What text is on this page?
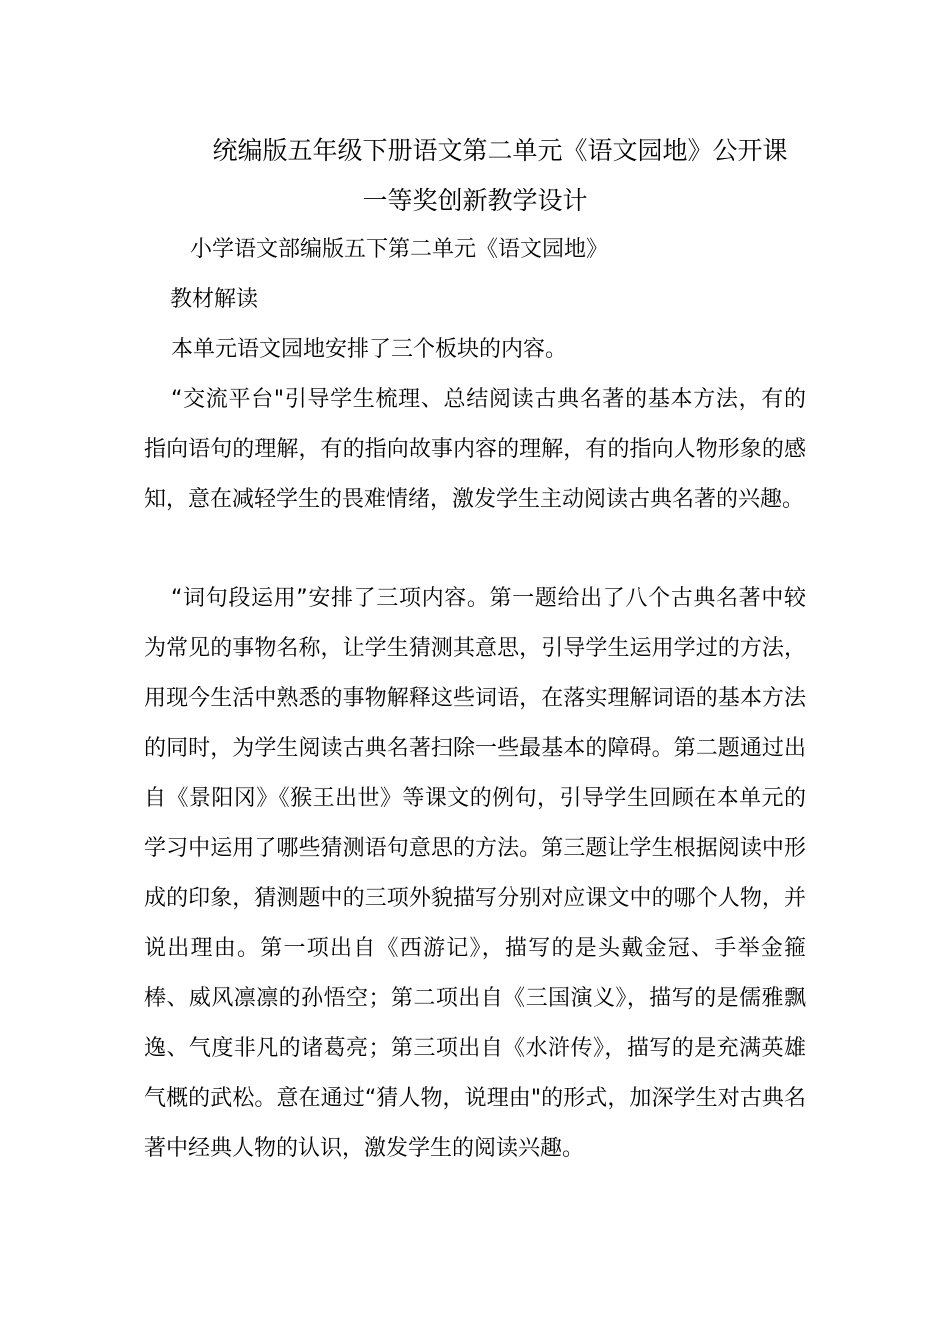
统编版五年级下册语文第二单元《语文园地》公开课
一等奖创新教学设计
小学语文部编版五下第二单元《语文园地》
教材解读

本单元语文园地安排了三个板块的内容。

“交流平台"引导学生梳理、总结阅读古典名著的基本方法，有的指向语句的理解，有的指向故事内容的理解，有的指向人物形象的感知，意在减轻学生的畏难情绪，激发学生主动阅读古典名著的兴趣。

“词句段运用”安排了三项内容。第一题给出了八个古典名著中较为常见的事物名称，让学生猜测其意思，引导学生运用学过的方法，用现今生活中熟悉的事物解释这些词语，在落实理解词语的基本方法的同时，为学生阅读古典名著扫除一些最基本的障碍。第二题通过出自《景阳冈》《猴王出世》等课文的例句，引导学生回顾在本单元的学习中运用了哪些猜测语句意思的方法。第三题让学生根据阅读中形成的印象，猜测题中的三项外貌描写分别对应课文中的哪个人物，并说出理由。第一项出自《西游记》，描写的是头戴金冠、手举金箍棒、威风凛凛的孙悟空；第二项出自《三国演义》，描写的是儒雅飘逸、气度非凡的诸葛亮；第三项出自《水浒传》，描写的是充满英雄气概的武松。意在通过“猜人物，说理由"的形式，加深学生对古典名著中经典人物的认识，激发学生的阅读兴趣。
